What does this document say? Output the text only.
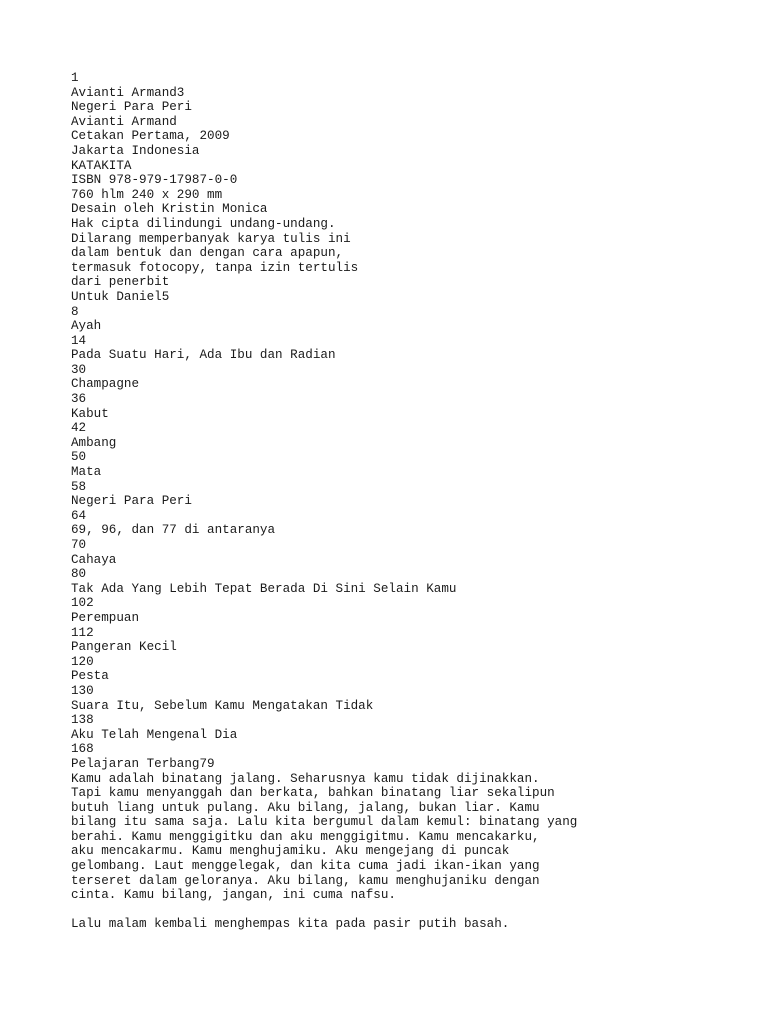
1
Avianti Armand3
Negeri Para Peri
Avianti Armand
Cetakan Pertama, 2009
Jakarta Indonesia
KATAKITA
ISBN 978-979-17987-0-0
760 hlm 240 x 290 mm
Desain oleh Kristin Monica
Hak cipta dilindungi undang-undang.
Dilarang memperbanyak karya tulis ini
dalam bentuk dan dengan cara apapun,
termasuk fotocopy, tanpa izin tertulis
dari penerbit
Untuk Daniel5
8
Ayah
14
Pada Suatu Hari, Ada Ibu dan Radian
30
Champagne
36
Kabut
42
Ambang
50
Mata
58
Negeri Para Peri
64
69, 96, dan 77 di antaranya
70
Cahaya
80
Tak Ada Yang Lebih Tepat Berada Di Sini Selain Kamu
102
Perempuan
112
Pangeran Kecil
120
Pesta
130
Suara Itu, Sebelum Kamu Mengatakan Tidak
138
Aku Telah Mengenal Dia
168
Pelajaran Terbang79
Kamu adalah binatang jalang. Seharusnya kamu tidak dijinakkan.
Tapi kamu menyanggah dan berkata, bahkan binatang liar sekalipun
butuh liang untuk pulang. Aku bilang, jalang, bukan liar. Kamu
bilang itu sama saja. Lalu kita bergumul dalam kemul: binatang yang
berahi. Kamu menggigitku dan aku menggigitmu. Kamu mencakarku,
aku mencakarmu. Kamu menghujamiku. Aku mengejang di puncak
gelombang. Laut menggelegak, dan kita cuma jadi ikan-ikan yang
terseret dalam geloranya. Aku bilang, kamu menghujaniku dengan
cinta. Kamu bilang, jangan, ini cuma nafsu.
Lalu malam kembali menghempas kita pada pasir putih basah.
